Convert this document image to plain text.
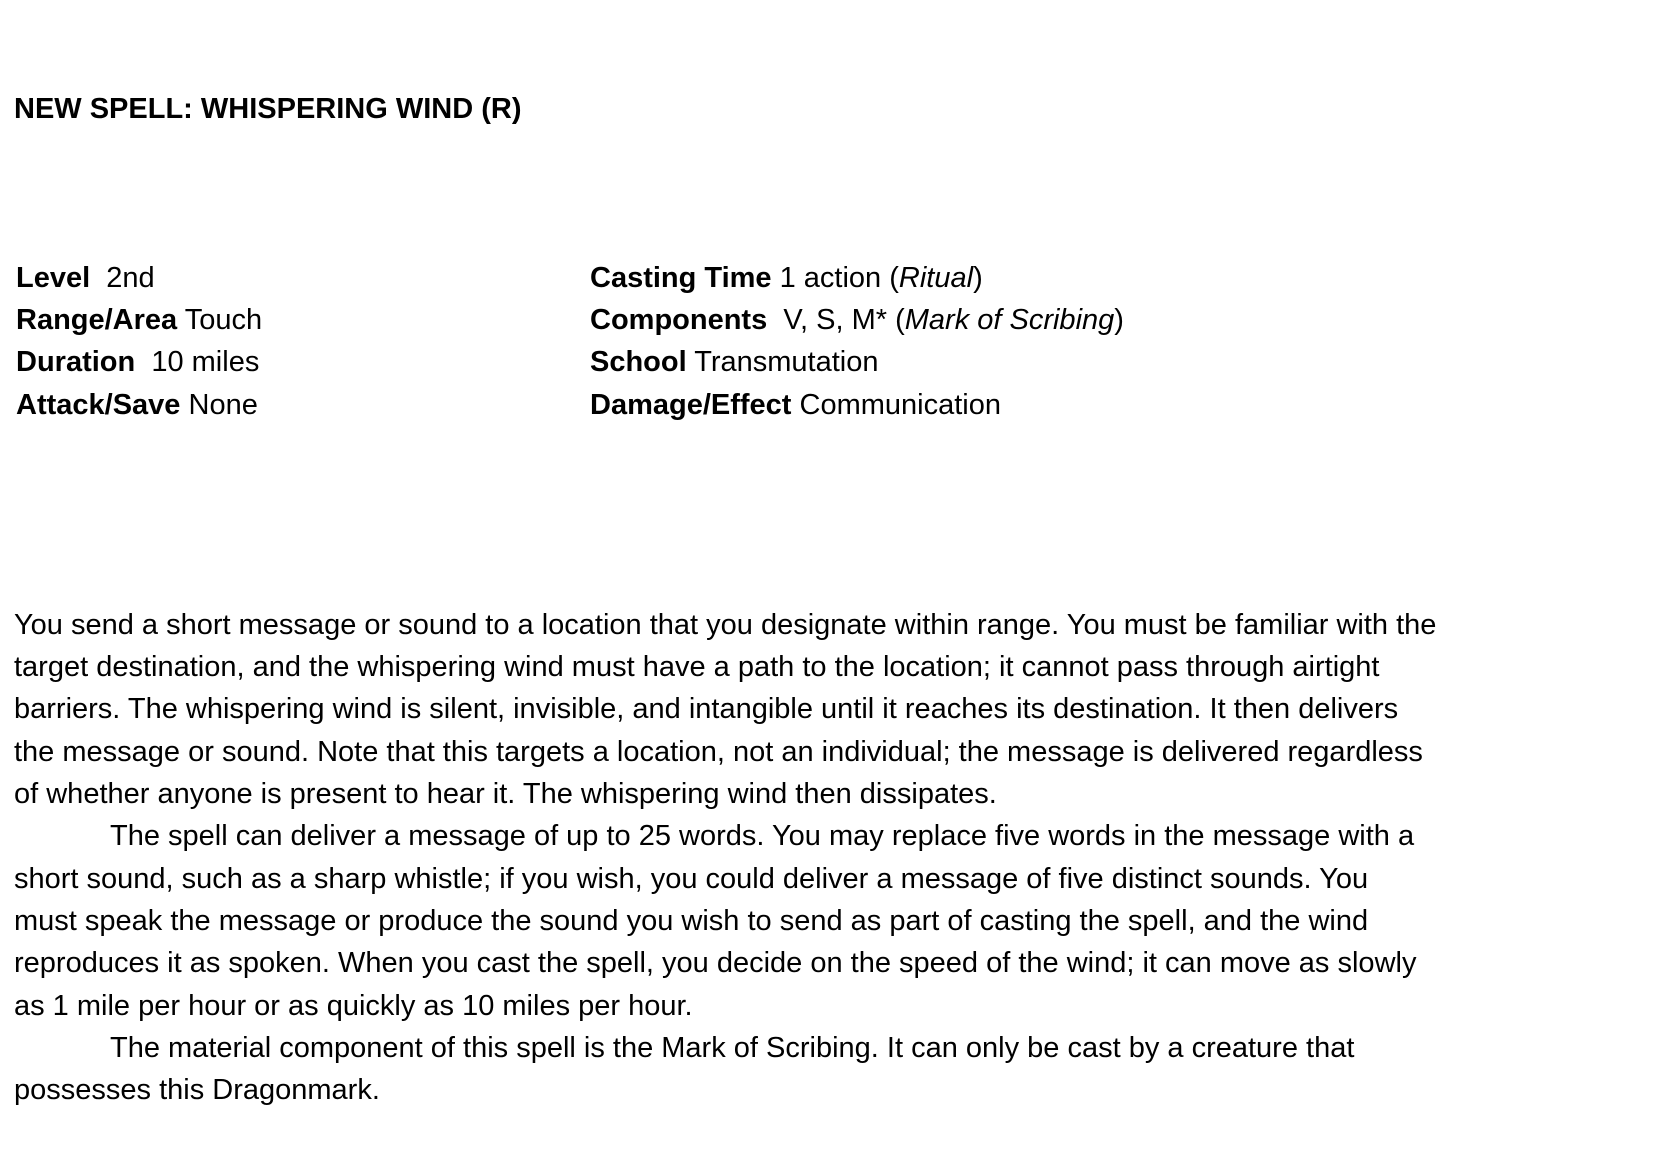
NEW SPELL: WHISPERING WIND (R)

Level  2nd	Casting Time 1 action (Ritual)
Range/Area Touch	Components  V, S, M* (Mark of Scribing)
Duration  10 miles	School Transmutation
Attack/Save None	Damage/Effect Communication

You send a short message or sound to a location that you designate within range. You must be familiar with the
target destination, and the whispering wind must have a path to the location; it cannot pass through airtight
barriers. The whispering wind is silent, invisible, and intangible until it reaches its destination. It then delivers
the message or sound. Note that this targets a location, not an individual; the message is delivered regardless
of whether anyone is present to hear it. The whispering wind then dissipates.
The spell can deliver a message of up to 25 words. You may replace five words in the message with a
short sound, such as a sharp whistle; if you wish, you could deliver a message of five distinct sounds. You
must speak the message or produce the sound you wish to send as part of casting the spell, and the wind
reproduces it as spoken. When you cast the spell, you decide on the speed of the wind; it can move as slowly
as 1 mile per hour or as quickly as 10 miles per hour.
The material component of this spell is the Mark of Scribing. It can only be cast by a creature that
possesses this Dragonmark.
